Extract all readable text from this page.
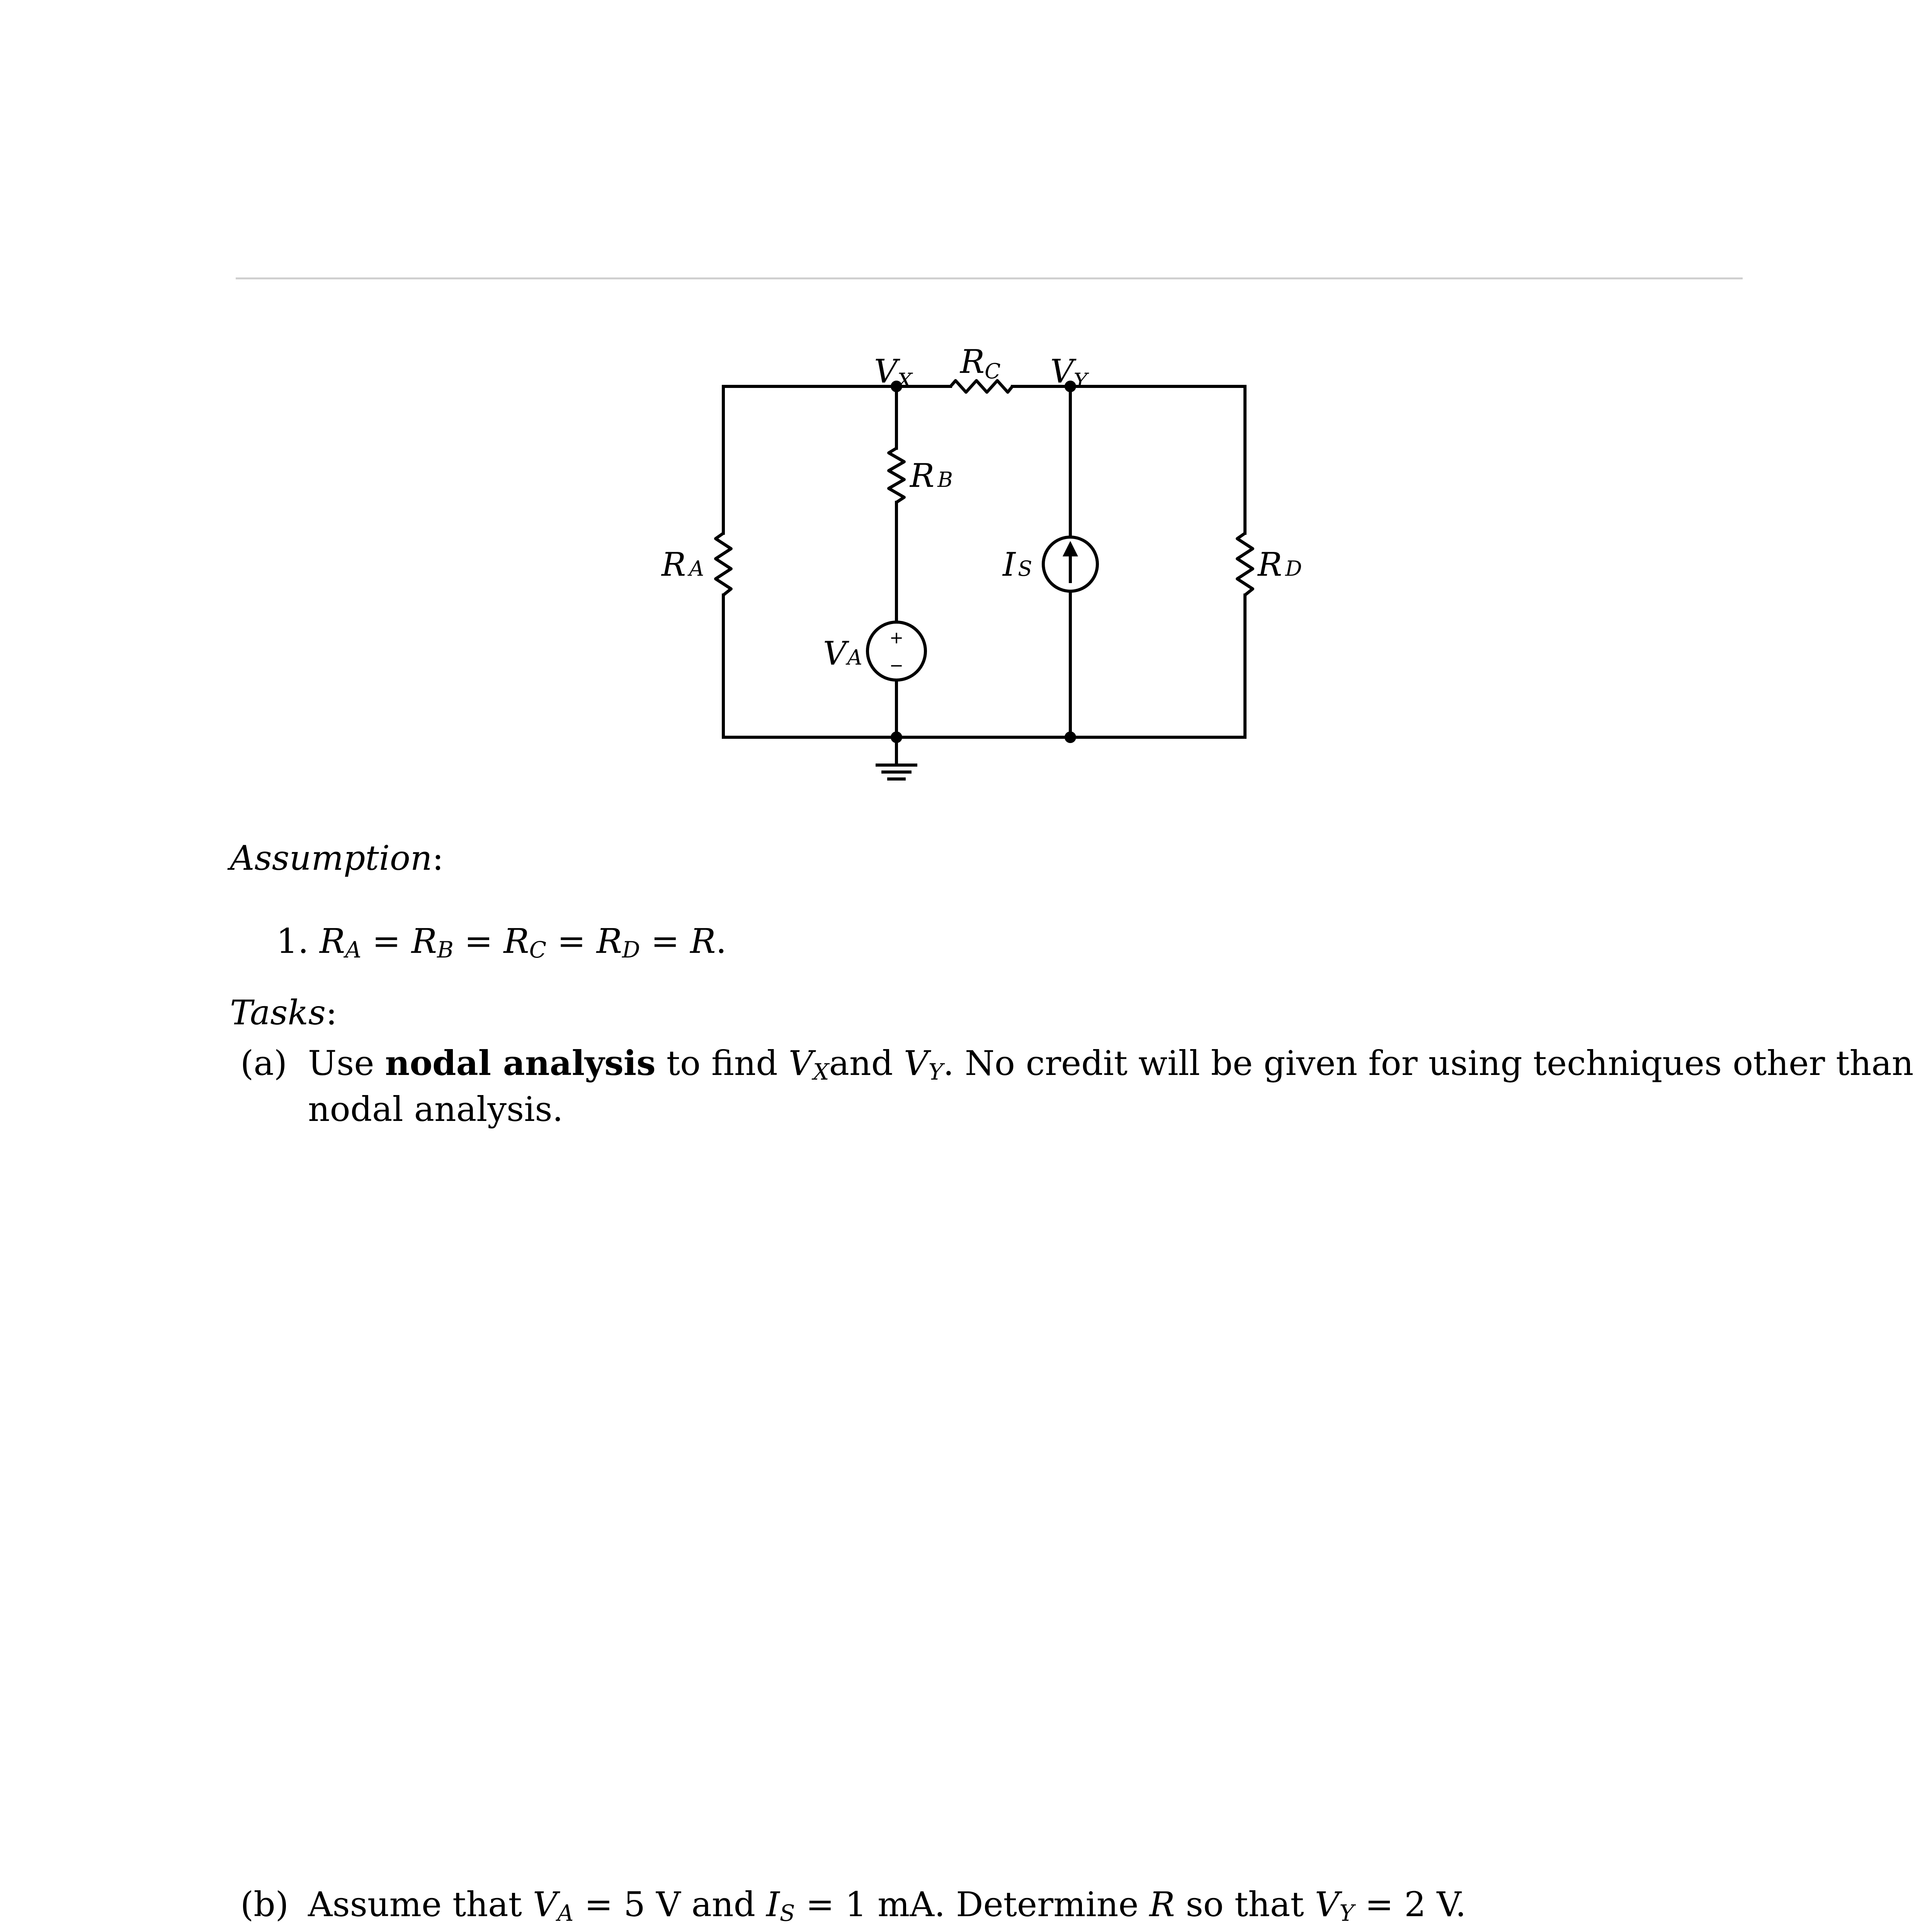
+
−
VX
RC VY
R B
R A	R D
I S
VA
Assumption:
1. $R_A = R_B = R_C = R_D = R$.
Tasks:
(a) Use nodal analysis to find $V_Xand$ $V_Y$. No credit will be given for using techniques other than
nodal analysis.
(b) Assume that $V_A = 5$ V and $I_S = 1$ mA. Determine R so that $V_Y = 2$ V.
